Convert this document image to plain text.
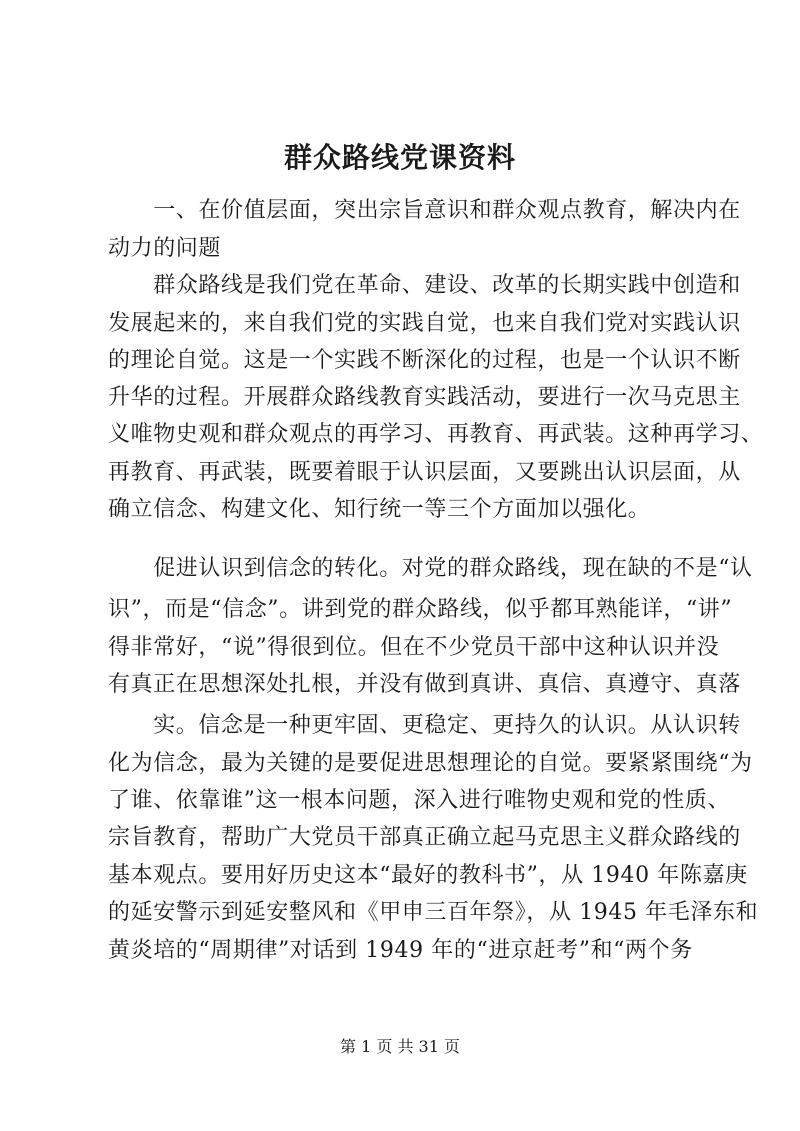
群众路线党课资料
　　一、在价值层面，突出宗旨意识和群众观点教育，解决内在
动力的问题
　　群众路线是我们党在革命、建设、改革的长期实践中创造和
发展起来的，来自我们党的实践自觉，也来自我们党对实践认识
的理论自觉。这是一个实践不断深化的过程，也是一个认识不断
升华的过程。开展群众路线教育实践活动，要进行一次马克思主
义唯物史观和群众观点的再学习、再教育、再武装。这种再学习、
再教育、再武装，既要着眼于认识层面，又要跳出认识层面，从
确立信念、构建文化、知行统一等三个方面加以强化。
　　促进认识到信念的转化。对党的群众路线，现在缺的不是“认
识”，而是“信念”。讲到党的群众路线，似乎都耳熟能详，“讲”
得非常好，“说”得很到位。但在不少党员干部中这种认识并没
有真正在思想深处扎根，并没有做到真讲、真信、真遵守、真落
　　实。信念是一种更牢固、更稳定、更持久的认识。从认识转
化为信念，最为关键的是要促进思想理论的自觉。要紧紧围绕“为
了谁、依靠谁”这一根本问题，深入进行唯物史观和党的性质、
宗旨教育，帮助广大党员干部真正确立起马克思主义群众路线的
基本观点。要用好历史这本“最好的教科书”，从 1940 年陈嘉庚
的延安警示到延安整风和《甲申三百年祭》，从 1945 年毛泽东和
黄炎培的“周期律”对话到 1949 年的“进京赶考”和“两个务
第 1 页 共 31 页
